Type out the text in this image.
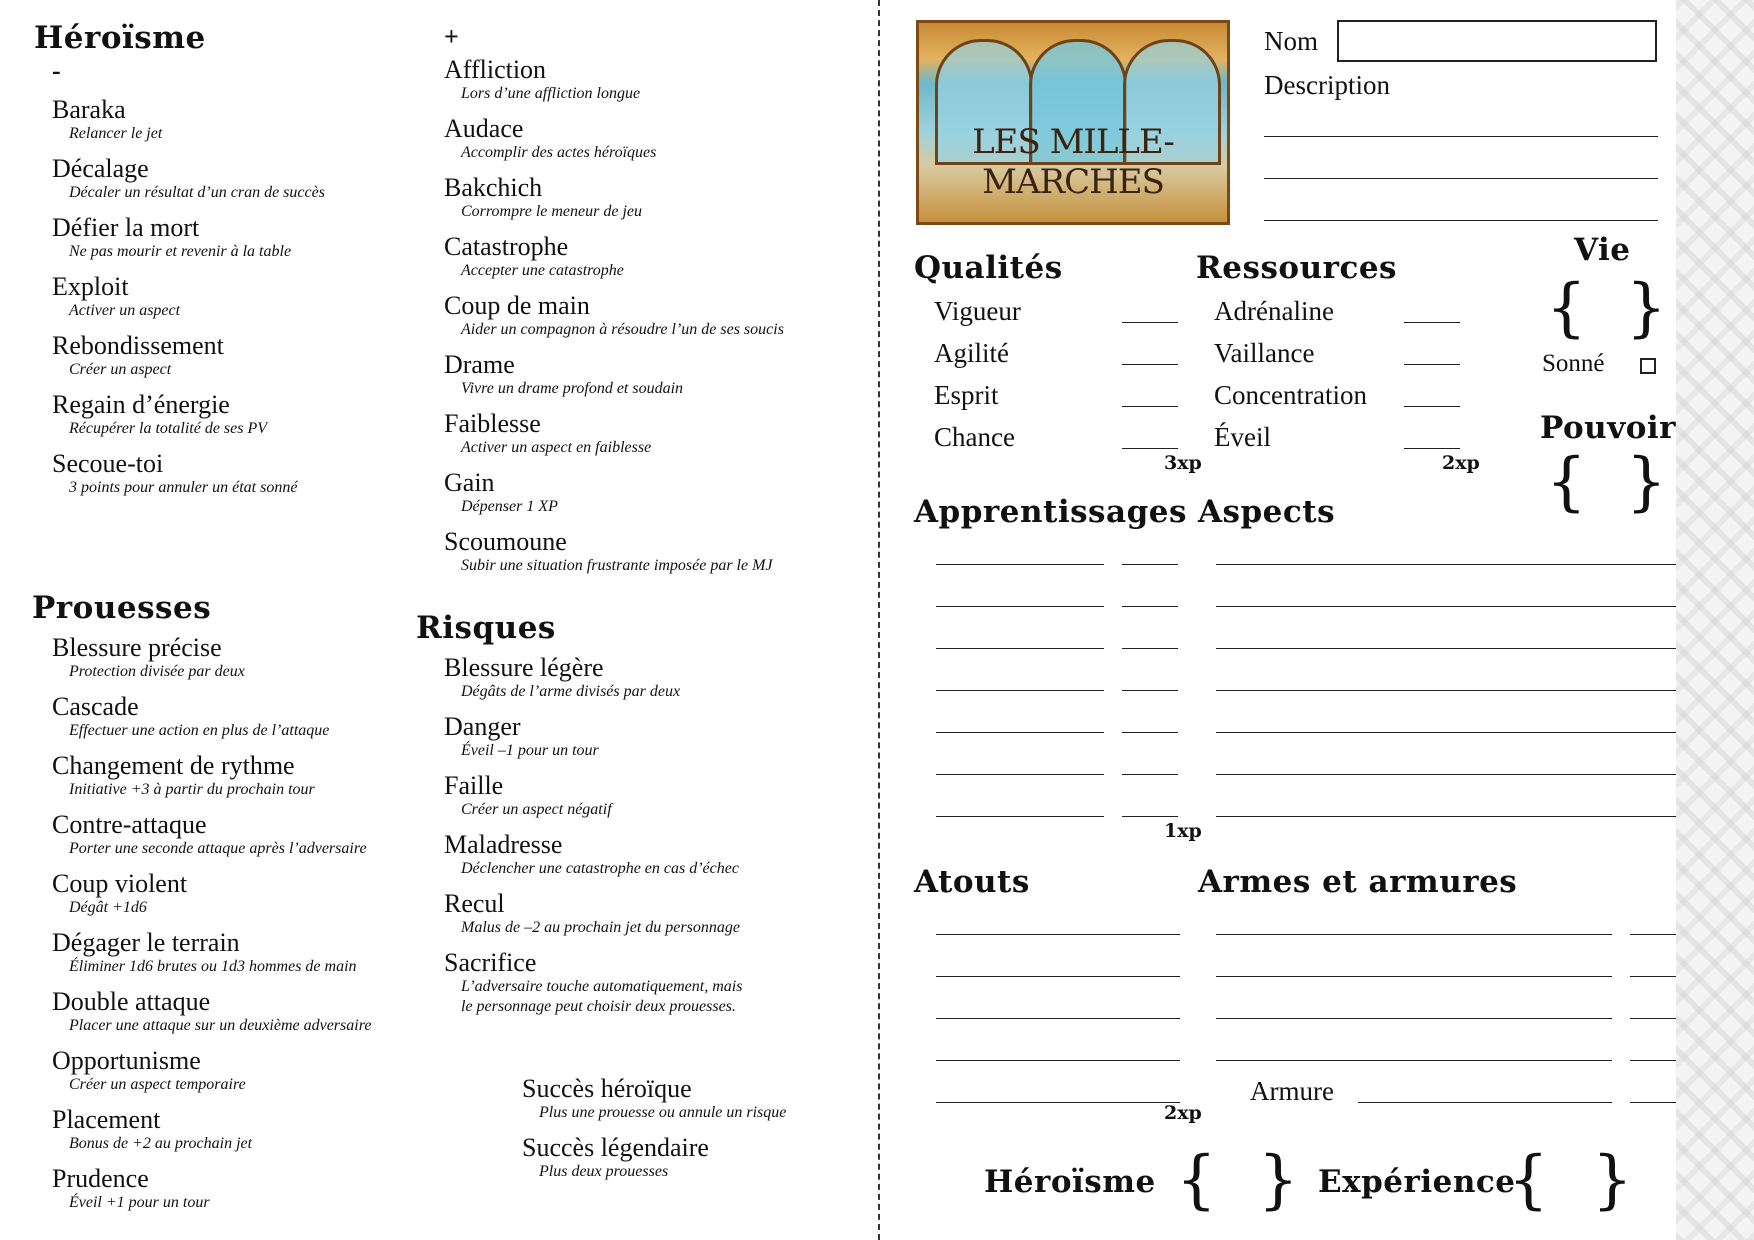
Héroïsme
-
+
Baraka
Relancer le jet
Décalage
Décaler un résultat d’un cran de succès
Défier la mort
Ne pas mourir et revenir à la table
Exploit
Activer un aspect
Rebondissement
Créer un aspect
Regain d’énergie
Récupérer la totalité de ses PV
Secoue-toi
3 points pour annuler un état sonné
Affliction
Lors d’une affliction longue
Audace
Accomplir des actes héroïques
Bakchich
Corrompre le meneur de jeu
Catastrophe
Accepter une catastrophe
Coup de main
Aider un compagnon à résoudre l’un de ses soucis
Drame
Vivre un drame profond et soudain
Faiblesse
Activer un aspect en faiblesse
Gain
Dépenser 1 XP
Scoumoune
Subir une situation frustrante imposée par le MJ
Prouesses
Blessure précise
Protection divisée par deux
Cascade
Effectuer une action en plus de l’attaque
Changement de rythme
Initiative +3 à partir du prochain tour
Contre-attaque
Porter une seconde attaque après l’adversaire
Coup violent
Dégât +1d6
Dégager le terrain
Éliminer 1d6 brutes ou 1d3 hommes de main
Double attaque
Placer une attaque sur un deuxième adversaire
Opportunisme
Créer un aspect temporaire
Placement
Bonus de +2 au prochain jet
Prudence
Éveil +1 pour un tour
Risques
Blessure légère
Dégâts de l’arme divisés par deux
Danger
Éveil –1 pour un tour
Faille
Créer un aspect négatif
Maladresse
Déclencher une catastrophe en cas d’échec
Recul
Malus de –2 au prochain jet du personnage
Sacrifice
L’adversaire touche automatiquement, mais
le personnage peut choisir deux prouesses.
Succès héroïque
Plus une prouesse ou annule un risque
Succès légendaire
Plus deux prouesses
LES MILLE-MARCHES
Nom
Description
Qualités
Vigueur
Agilité
Esprit
Chance
3xp
Ressources
Adrénaline
Vaillance
Concentration
Éveil
2xp
Vie
{ }
Sonné
Pouvoir
{ }
Apprentissages
1xp
Aspects
Atouts
2xp
Armes et armures
Armure
Héroïsme { } Expérience
{ }
